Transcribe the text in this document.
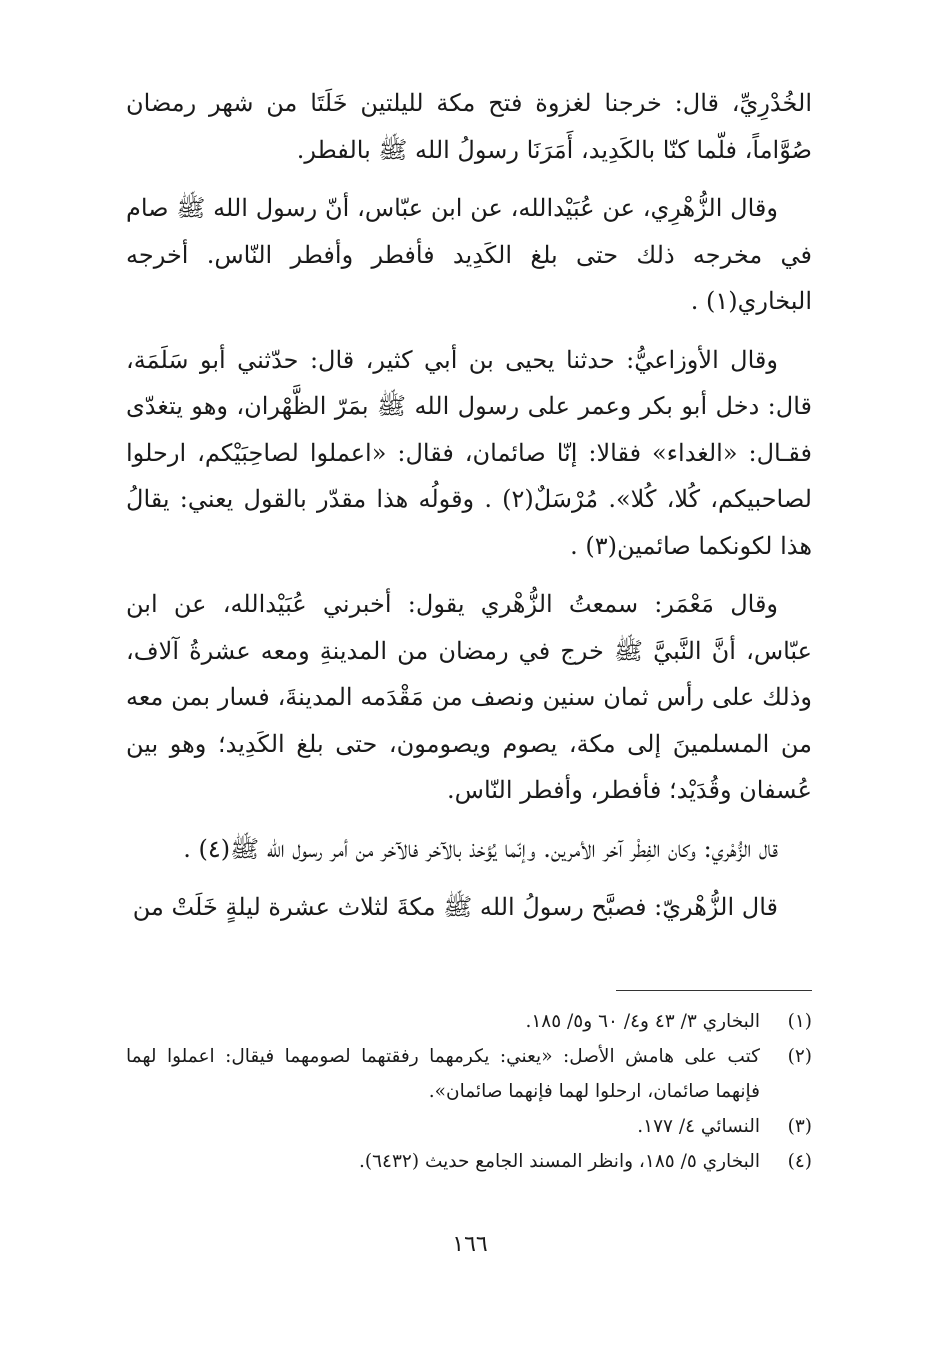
الخُدْرِيِّ، قال: خرجنا لغزوة فتح مكة لليلتين خَلَتَا من شهر رمضان صُوَّاماً، فلّما كنّا بالكَدِيد، أَمَرَنَا رسولُ الله ﷺ بالفطر.

وقال الزُّهْرِي، عن عُبَيْدالله، عن ابن عبّاس، أنّ رسول الله ﷺ صام في مخرجه ذلك حتى بلغ الكَدِيد فأفطر وأفطر النّاس. أخرجه البخاري(١) .

وقال الأوزاعيُّ: حدثنا يحيى بن أبي كثير، قال: حدّثني أبو سَلَمَة، قال: دخل أبو بكر وعمر على رسول الله ﷺ بمَرّ الظَّهْران، وهو يتغدّى فقـال: «الغداء» فقالا: إنّا صائمان، فقال: «اعملوا لصاحِبَيْكم، ارحلوا لصاحبيكم، كُلا، كُلا». مُرْسَلٌ(٢) . وقولُه هذا مقدّر بالقول يعني: يقالُ هذا لكونكما صائمين(٣) .

وقال مَعْمَر: سمعتُ الزُّهْري يقول: أخبرني عُبَيْدالله، عن ابن عبّاس، أنَّ النَّبيَّ ﷺ خرج في رمضان من المدينةِ ومعه عشرةُ آلاف، وذلك على رأس ثمان سنين ونصف من مَقْدَمه المدينةَ، فسار بمن معه من المسلمينَ إلى مكة، يصوم ويصومون، حتى بلغ الكَدِيد؛ وهو بين عُسفان وقُدَيْد؛ فأفطر، وأفطر النّاس.

قال الزُّهْري: وكان الفِطْر آخر الأمرين. وإنّما يُؤخذ بالآخر فالآخر من أمر رسول الله ﷺ(٤) .

قال الزُّهْريّ: فصبَّح رسولُ الله ﷺ مكةَ لثلاث عشرة ليلةٍ خَلَتْ من

(١)
البخاري ٣/ ٤٣ و٤/ ٦٠ و٥/ ١٨٥.
(٢)
كتب على هامش الأصل: «يعني: يكرمهما رفقتهما لصومهما فيقال: اعملوا لهما فإنهما صائمان، ارحلوا لهما فإنهما صائمان».
(٣)
النسائي ٤/ ١٧٧.
(٤)
البخاري ٥/ ١٨٥، وانظر المسند الجامع حديث (٦٤٣٢).
١٦٦
